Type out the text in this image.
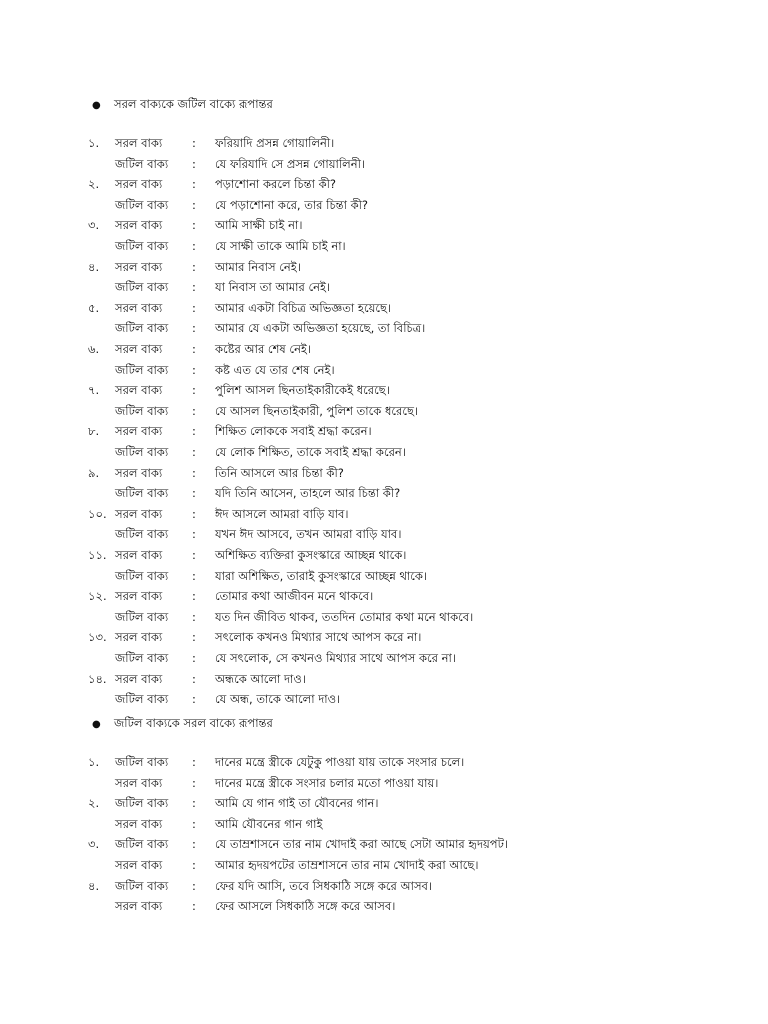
● সরল বাক্যকে জটিল বাক্যে রূপান্তর
১. সরল বাক্য	: ফরিয়াদি প্রসন্ন গোয়ালিনী।
জটিল বাক্য : যে ফরিযাদি সে প্রসন্ন গোয়ালিনী।
২. সরল বাক্য	: পড়াশোনা করলে চিন্তা কী?
জটিল বাক্য : যে পড়াশোনা করে, তার চিন্তা কী?
৩. সরল বাক্য	: আমি সাক্ষী চাই না।
জটিল বাক্য : যে সাক্ষী তাকে আমি চাই না।
৪. সরল বাক্য	: আমার নিবাস নেই।
জটিল বাক্য : যা নিবাস তা আমার নেই।
৫. সরল বাক্য	: আমার একটা বিচিত্র অভিজ্ঞতা হয়েছে।
জটিল বাক্য : আমার যে একটা অভিজ্ঞতা হয়েছে, তা বিচিত্র।
৬. সরল বাক্য	: কষ্টের আর শেষ নেই।
জটিল বাক্য : কষ্ট এত যে তার শেষ নেই।
৭. সরল বাক্য	: পুলিশ আসল ছিনতাইকারীকেই ধরেছে।
জটিল বাক্য : যে আসল ছিনতাইকারী, পুলিশ তাকে ধরেছে।
৮. সরল বাক্য	: শিক্ষিত লোককে সবাই শ্রদ্ধা করেন।
জটিল বাক্য : যে লোক শিক্ষিত, তাকে সবাই শ্রদ্ধা করেন।
৯. সরল বাক্য	: তিনি আসলে আর চিন্তা কী?
জটিল বাক্য : যদি তিনি আসেন, তাহলে আর চিন্তা কী?
১০. সরল বাক্য	: ঈদ আসলে আমরা বাড়ি যাব।
জটিল বাক্য : যখন ঈদ আসবে, তখন আমরা বাড়ি যাব।
১১. সরল বাক্য	: অশিক্ষিত ব্যক্তিরা কুসংস্কারে আচ্ছন্ন থাকে।
জটিল বাক্য : যারা অশিক্ষিত, তারাই কুসংস্কারে আচ্ছন্ন থাকে।
১২. সরল বাক্য	: তোমার কথা আজীবন মনে থাকবে।
জটিল বাক্য : যত দিন জীবিত থাকব, ততদিন তোমার কথা মনে থাকবে।
১৩. সরল বাক্য	: সৎলোক কখনও মিথ্যার সাথে আপস করে না।
জটিল বাক্য : যে সৎলোক, সে কখনও মিথ্যার সাথে আপস করে না।
১৪. সরল বাক্য	: অন্ধকে আলো দাও।
জটিল বাক্য : যে অন্ধ, তাকে আলো দাও।
● জটিল বাক্যকে সরল বাক্যে রূপান্তর
১. জটিল বাক্য : দানের মন্ত্রে স্ত্রীকে যেটুকু পাওয়া যায় তাকে সংসার চলে।
সরল বাক্য	: দানের মন্ত্রে স্ত্রীকে সংসার চলার মতো পাওয়া যায়।
২. জটিল বাক্য : আমি যে গান গাই তা যৌবনের গান।
সরল বাক্য	: আমি যৌবনের গান গাই
৩. জটিল বাক্য : যে তাম্রশাসনে তার নাম খোদাই করা আছে সেটা আমার হৃদয়পট।
সরল বাক্য	: আমার হৃদয়পটের তাম্রশাসনে তার নাম খোদাই করা আছে।
৪. জটিল বাক্য : ফের যদি আসি, তবে সিধকাঠি সঙ্গে করে আসব।
সরল বাক্য	: ফের আসলে সিধকাঠি সঙ্গে করে আসব।
